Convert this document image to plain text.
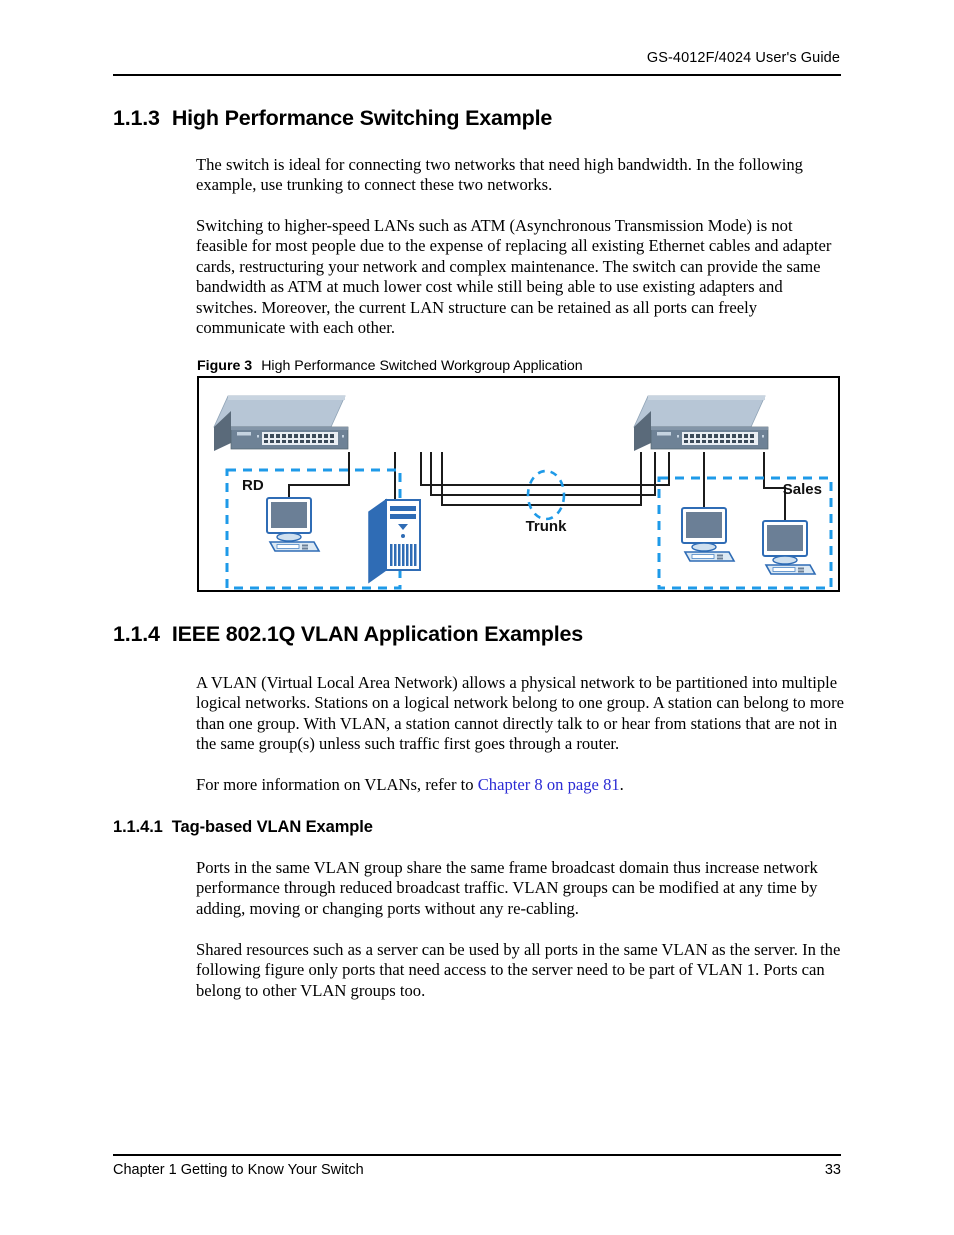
GS-4012F/4024 User's Guide
1.1.3 High Performance Switching Example
The switch is ideal for connecting two networks that need high bandwidth. In the following example, use trunking to connect these two networks.
Switching to higher-speed LANs such as ATM (Asynchronous Transmission Mode) is not feasible for most people due to the expense of replacing all existing Ethernet cables and adapter cards, restructuring your network and complex maintenance. The switch can provide the same bandwidth as ATM at much lower cost while still being able to use existing adapters and switches. Moreover, the current LAN structure can be retained as all ports can freely communicate with each other.
Figure 3 High Performance Switched Workgroup Application
Trunk
RD	Sales
1.1.4 IEEE 802.1Q VLAN Application Examples
A VLAN (Virtual Local Area Network) allows a physical network to be partitioned into multiple logical networks. Stations on a logical network belong to one group. A station can belong to more than one group. With VLAN, a station cannot directly talk to or hear from stations that are not in the same group(s) unless such traffic first goes through a router.
For more information on VLANs, refer to Chapter 8 on page 81.
1.1.4.1 Tag-based VLAN Example
Ports in the same VLAN group share the same frame broadcast domain thus increase network performance through reduced broadcast traffic. VLAN groups can be modified at any time by adding, moving or changing ports without any re-cabling.
Shared resources such as a server can be used by all ports in the same VLAN as the server. In the following figure only ports that need access to the server need to be part of VLAN 1. Ports can belong to other VLAN groups too.
Chapter 1 Getting to Know Your Switch	33
